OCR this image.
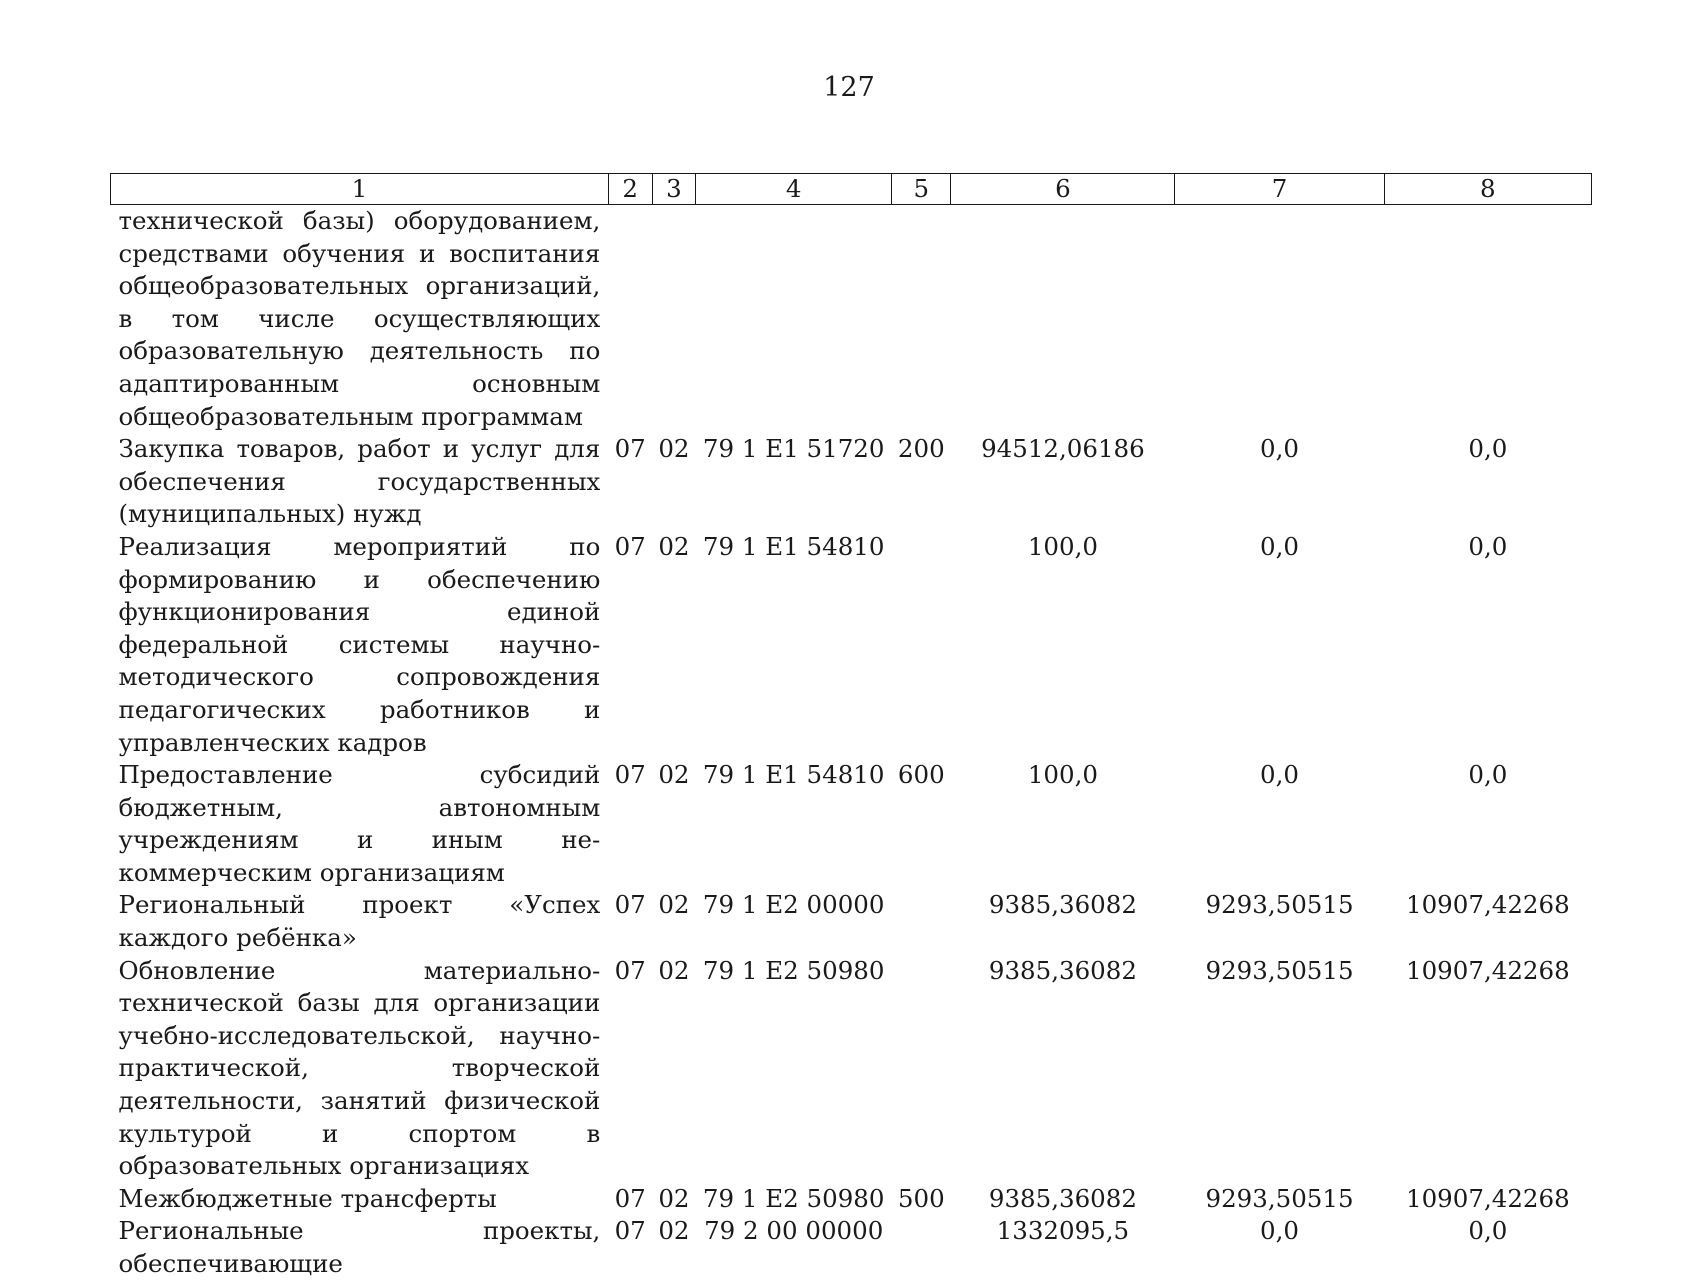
127
1	2	3	4	5	6	7	8
технической базы) оборудованием, средствами обучения и воспитания общеобразовательных организаций, в том числе осуществляющих образовательную деятельность по адаптированным основным общеобразовательным программам							
Закупка товаров, работ и услуг для обеспечения государственных (муниципальных) нужд	07	02	79 1 E1 51720	200	94512,06186	0,0	0,0
Реализация мероприятий по формированию и обеспечению функционирования единой федеральной системы научно-методического сопровождения педагогических работников и управленческих кадров	07	02	79 1 E1 54810		100,0	0,0	0,0
Предоставление субсидий бюджетным, автономным учреждениям и иным некоммерческим организациям	07	02	79 1 E1 54810	600	100,0	0,0	0,0
Региональный проект «Успех каждого ребёнка»	07	02	79 1 E2 00000		9385,36082	9293,50515	10907,42268
Обновление материально-технической базы для организации учебно-исследовательской, научно-практической, творческой деятельности, занятий физической культурой и спортом в образовательных организациях	07	02	79 1 E2 50980		9385,36082	9293,50515	10907,42268
Межбюджетные трансферты	07	02	79 1 E2 50980	500	9385,36082	9293,50515	10907,42268
Региональные проекты, обеспечивающие	07	02	79 2 00 00000		1332095,5	0,0	0,0
